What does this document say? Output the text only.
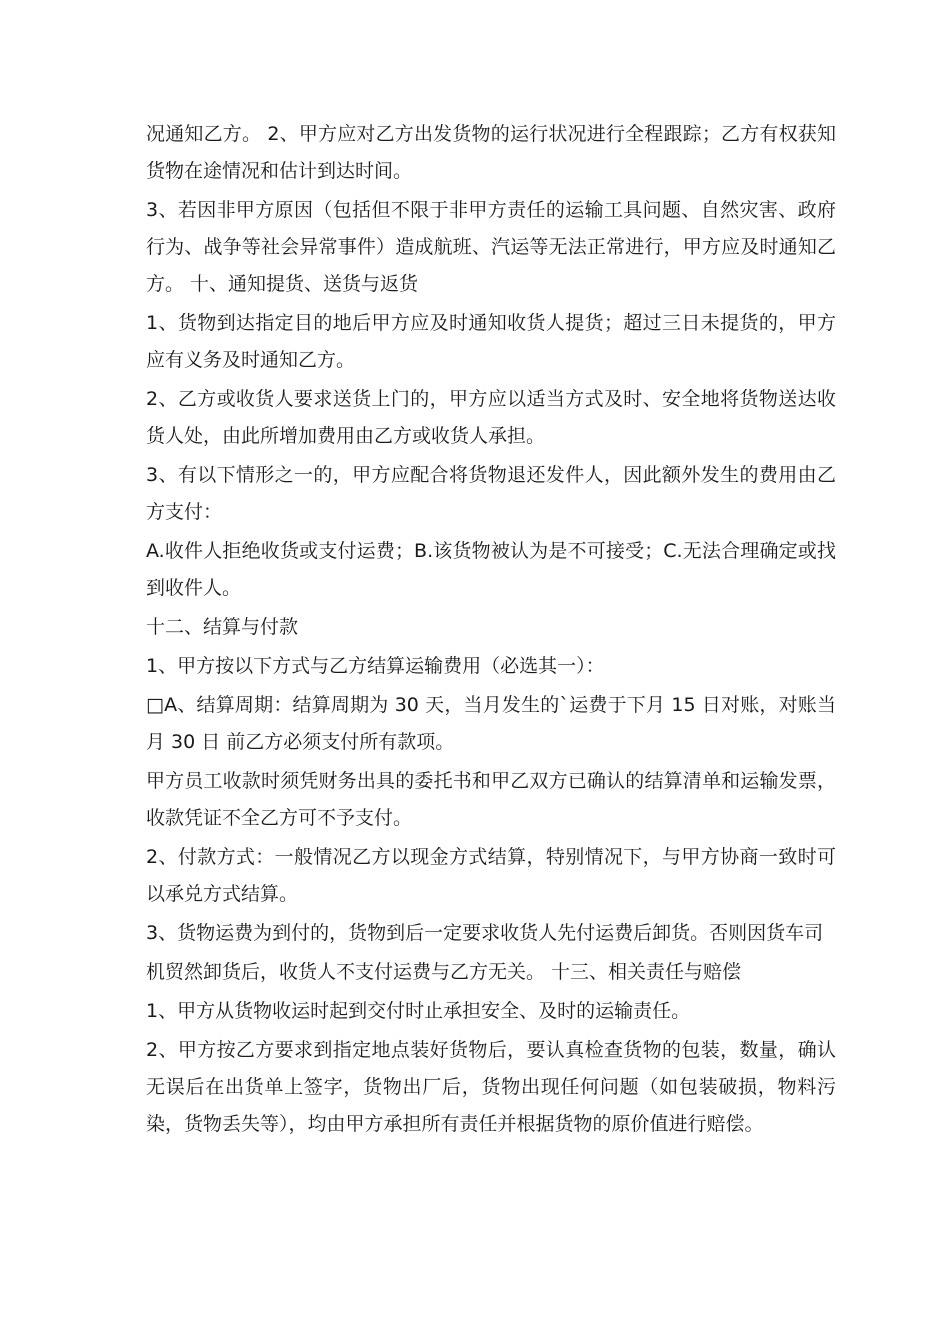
况通知乙方。 2、甲方应对乙方出发货物的运行状况进行全程跟踪；乙方有权获知货物在途情况和估计到达时间。

3、若因非甲方原因（包括但不限于非甲方责任的运输工具问题、自然灾害、政府行为、战争等社会异常事件）造成航班、汽运等无法正常进行，甲方应及时通知乙方。 十、通知提货、送货与返货

1、货物到达指定目的地后甲方应及时通知收货人提货；超过三日未提货的，甲方应有义务及时通知乙方。

2、乙方或收货人要求送货上门的，甲方应以适当方式及时、安全地将货物送达收货人处，由此所增加费用由乙方或收货人承担。

3、有以下情形之一的，甲方应配合将货物退还发件人，因此额外发生的费用由乙方支付：

A.收件人拒绝收货或支付运费；B.该货物被认为是不可接受；C.无法合理确定或找到收件人。

十二、结算与付款

1、甲方按以下方式与乙方结算运输费用（必选其一）：

□A、结算周期：结算周期为 30 天，当月发生的`运费于下月 15 日对账，对账当月 30 日 前乙方必须支付所有款项。

甲方员工收款时须凭财务出具的委托书和甲乙双方已确认的结算清单和运输发票，收款凭证不全乙方可不予支付。

2、付款方式：一般情况乙方以现金方式结算，特别情况下，与甲方协商一致时可以承兑方式结算。

3、货物运费为到付的，货物到后一定要求收货人先付运费后卸货。否则因货车司

机贸然卸货后，收货人不支付运费与乙方无关。 十三、相关责任与赔偿

1、甲方从货物收运时起到交付时止承担安全、及时的运输责任。

2、甲方按乙方要求到指定地点装好货物后，要认真检查货物的包装，数量，确认无误后在出货单上签字，货物出厂后，货物出现任何问题（如包装破损，物料污染，货物丢失等），均由甲方承担所有责任并根据货物的原价值进行赔偿。
